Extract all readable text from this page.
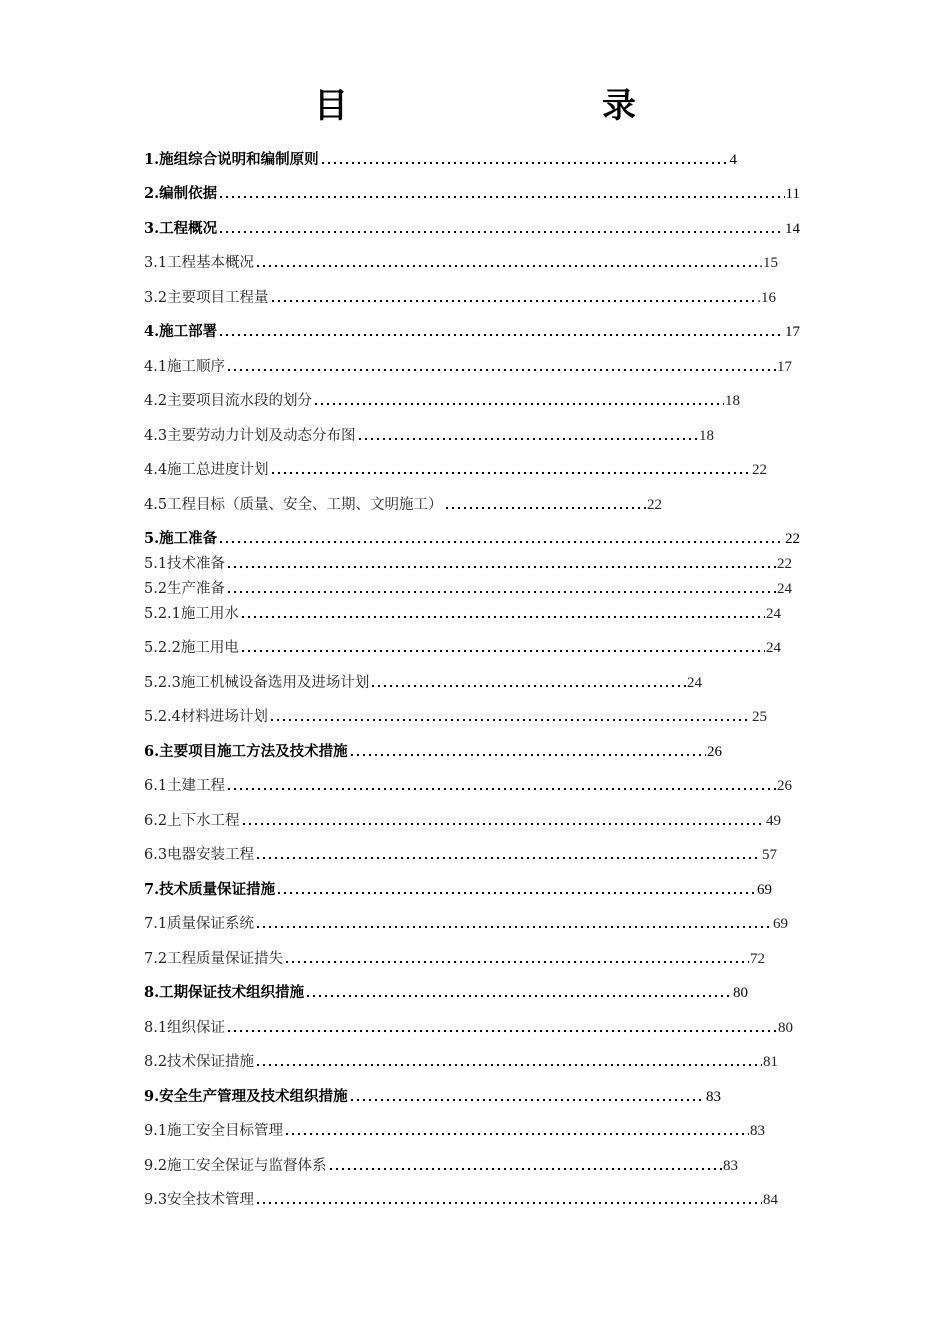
目　录
1.施组综合说明和编制原则	4
2.编制依据	11
3.工程概况	14
3.1工程基本概况	.15
3.2主要项目工程量	.16
4.施工部署	17
4.1施工顺序	17
4.2主要项目流水段的划分	18
4.3主要劳动力计划及动态分布图	18
4.4施工总进度计划	22
4.5工程目标（质量、安全、工期、文明施工）	22
5.施工准备	22
5.1技术准备	22
5.2生产准备	24
5.2.1施工用水	24
5.2.2施工用电	24
5.2.3施工机械设备选用及进场计划	24
5.2.4材料进场计划	25
6.主要项目施工方法及技术措施	26
6.1土建工程	26
6.2上下水工程	49
6.3电器安装工程	57
7.技术质量保证措施	69
7.1质量保证系统	69
7.2工程质量保证措失	72
8.工期保证技术组织措施	80
8.1组织保证	80
8.2技术保证措施	81
9.安全生产管理及技术组织措施	83
9.1施工安全目标管理	83
9.2施工安全保证与监督体系	83
9.3安全技术管理	84
